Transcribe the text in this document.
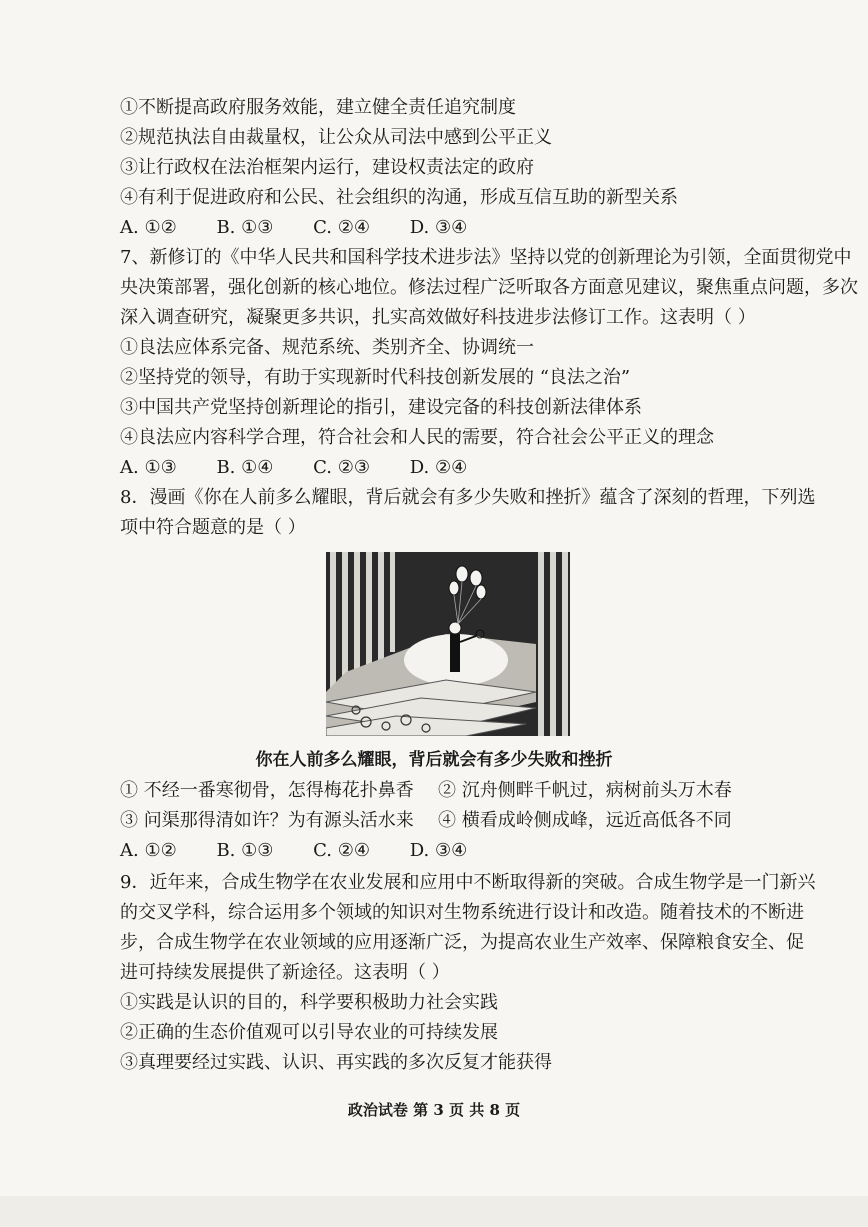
①不断提高政府服务效能，建立健全责任追究制度
②规范执法自由裁量权，让公众从司法中感到公平正义
③让行政权在法治框架内运行，建设权责法定的政府
④有利于促进政府和公民、社会组织的沟通，形成互信互助的新型关系
A. ①② B. ①③ C. ②④ D. ③④
7、新修订的《中华人民共和国科学技术进步法》坚持以党的创新理论为引领，全面贯彻党中
央决策部署，强化创新的核心地位。修法过程广泛听取各方面意见建议，聚焦重点问题，多次
深入调查研究，凝聚更多共识，扎实高效做好科技进步法修订工作。这表明（ ）
①良法应体系完备、规范系统、类别齐全、协调统一
②坚持党的领导，有助于实现新时代科技创新发展的 “良法之治”
③中国共产党坚持创新理论的指引，建设完备的科技创新法律体系
④良法应内容科学合理，符合社会和人民的需要，符合社会公平正义的理念
A. ①③ B. ①④ C. ②③ D. ②④
8．漫画《你在人前多么耀眼，背后就会有多少失败和挫折》蕴含了深刻的哲理，下列选
项中符合题意的是（ ）
你在人前多么耀眼，背后就会有多少失败和挫折
① 不经一番寒彻骨，怎得梅花扑鼻香 ② 沉舟侧畔千帆过，病树前头万木春
③ 问渠那得清如许？为有源头活水来 ④ 横看成岭侧成峰，远近高低各不同
A. ①② B. ①③ C. ②④ D. ③④
9．近年来，合成生物学在农业发展和应用中不断取得新的突破。合成生物学是一门新兴
的交叉学科，综合运用多个领域的知识对生物系统进行设计和改造。随着技术的不断进
步，合成生物学在农业领域的应用逐渐广泛，为提高农业生产效率、保障粮食安全、促
进可持续发展提供了新途径。这表明（ ）
①实践是认识的目的，科学要积极助力社会实践
②正确的生态价值观可以引导农业的可持续发展
③真理要经过实践、认识、再实践的多次反复才能获得
政治试卷 第 3 页 共 8 页
